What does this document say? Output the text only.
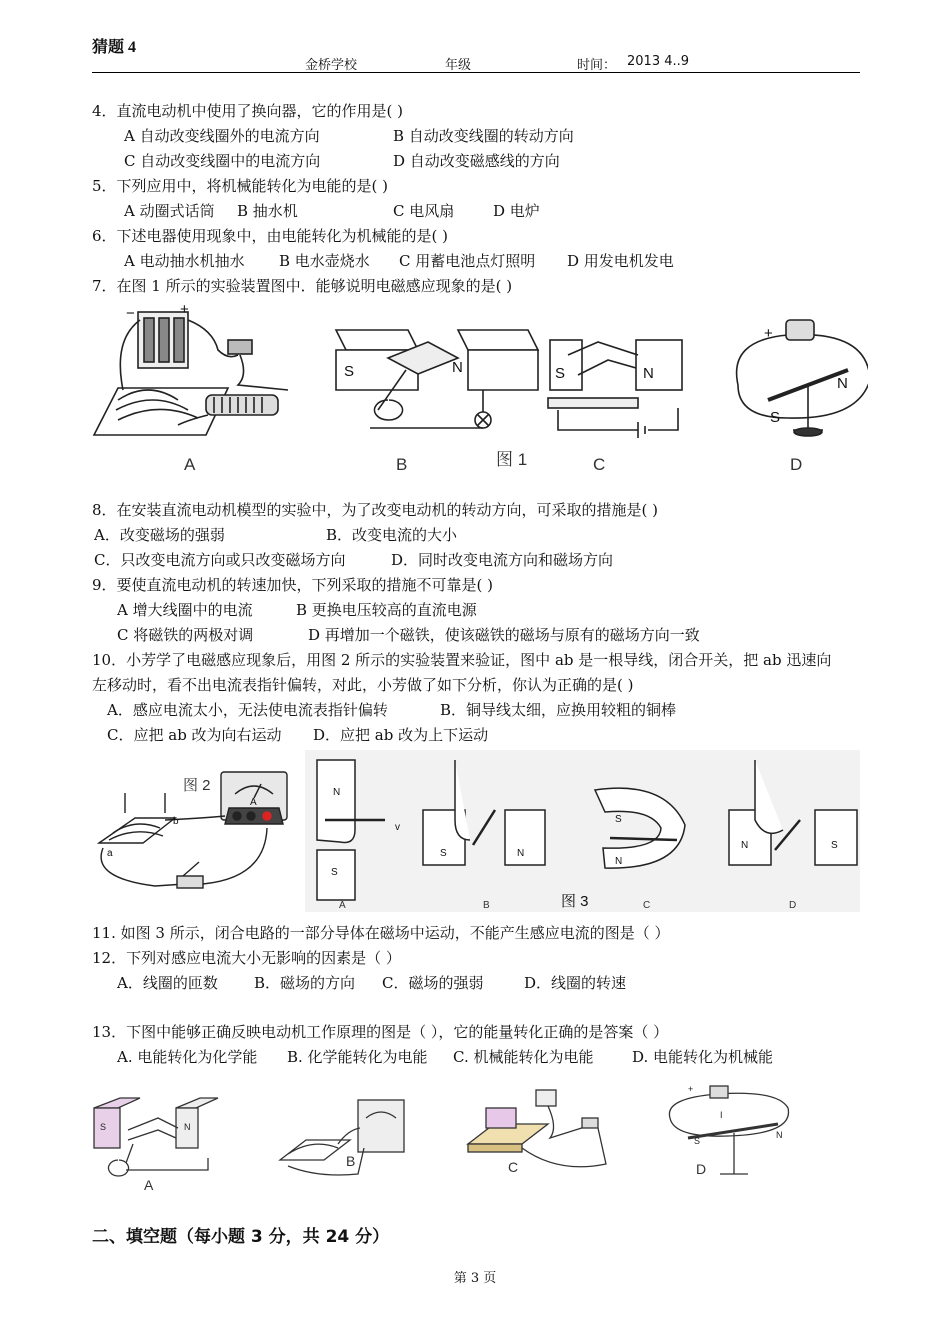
猜题 4
金桥学校	年级	时间： 2013 4..9
4．直流电动机中使用了换向器，它的作用是( )
A 自动改变线圈外的电流方向	B 自动改变线圈的转动方向
C 自动改变线圈中的电流方向	D 自动改变磁感线的方向
5．下列应用中，将机械能转化为电能的是( )
A 动圈式话筒 B 抽水机	C 电风扇	D 电炉
6．下述电器使用现象中，由电能转化为机械能的是( )
A 电动抽水机抽水 B 电水壶烧水 C 用蓄电池点灯照明 D 用发电机发电
7．在图 1 所示的实验装置图中．能够说明电磁感应现象的是( )
−	+
S	N	S	N
N
S
+
A	B	图 1	C	D
8．在安装直流电动机模型的实验中，为了改变电动机的转动方向，可采取的措施是( )
A．改变磁场的强弱	B．改变电流的大小
C．只改变电流方向或只改变磁场方向	D．同时改变电流方向和磁场方向
9．要使直流电动机的转速加快，下列采取的措施不可靠是( )
A 增大线圈中的电流	B 更换电压较高的直流电源
C 将磁铁的两极对调	D 再增加一个磁铁，使该磁铁的磁场与原有的磁场方向一致
10．小芳学了电磁感应现象后，用图 2 所示的实验装置来验证，图中 ab 是一根导线，闭合开关，把 ab 迅速向
左移动时，看不出电流表指针偏转，对此，小芳做了如下分析，你认为正确的是( )
A．感应电流太小，无法使电流表指针偏转	B．铜导线太细，应换用较粗的铜棒
C．应把 ab 改为向右运动 D．应把 ab 改为上下运动
A
a
b
图 2	N
S
S	N
S
N
N	S
v
A	B	C	D
图 3
11. 如图 3 所示，闭合电路的一部分导体在磁场中运动，不能产生感应电流的图是（ ）
12．下列对感应电流大小无影响的因素是（ ）
A．线圈的匝数 B．磁场的方向 C．磁场的强弱	D．线圈的转速
13．下图中能够正确反映电动机工作原理的图是（ ），它的能量转化正确的是答案（ ）
A. 电能转化为化学能 B. 化学能转化为电能 C. 机械能转化为电能	D. 电能转化为机械能
S	N
S
N
I
+
A
B	C	D
二、填空题（每小题 3 分，共 24 分）
第 3 页
